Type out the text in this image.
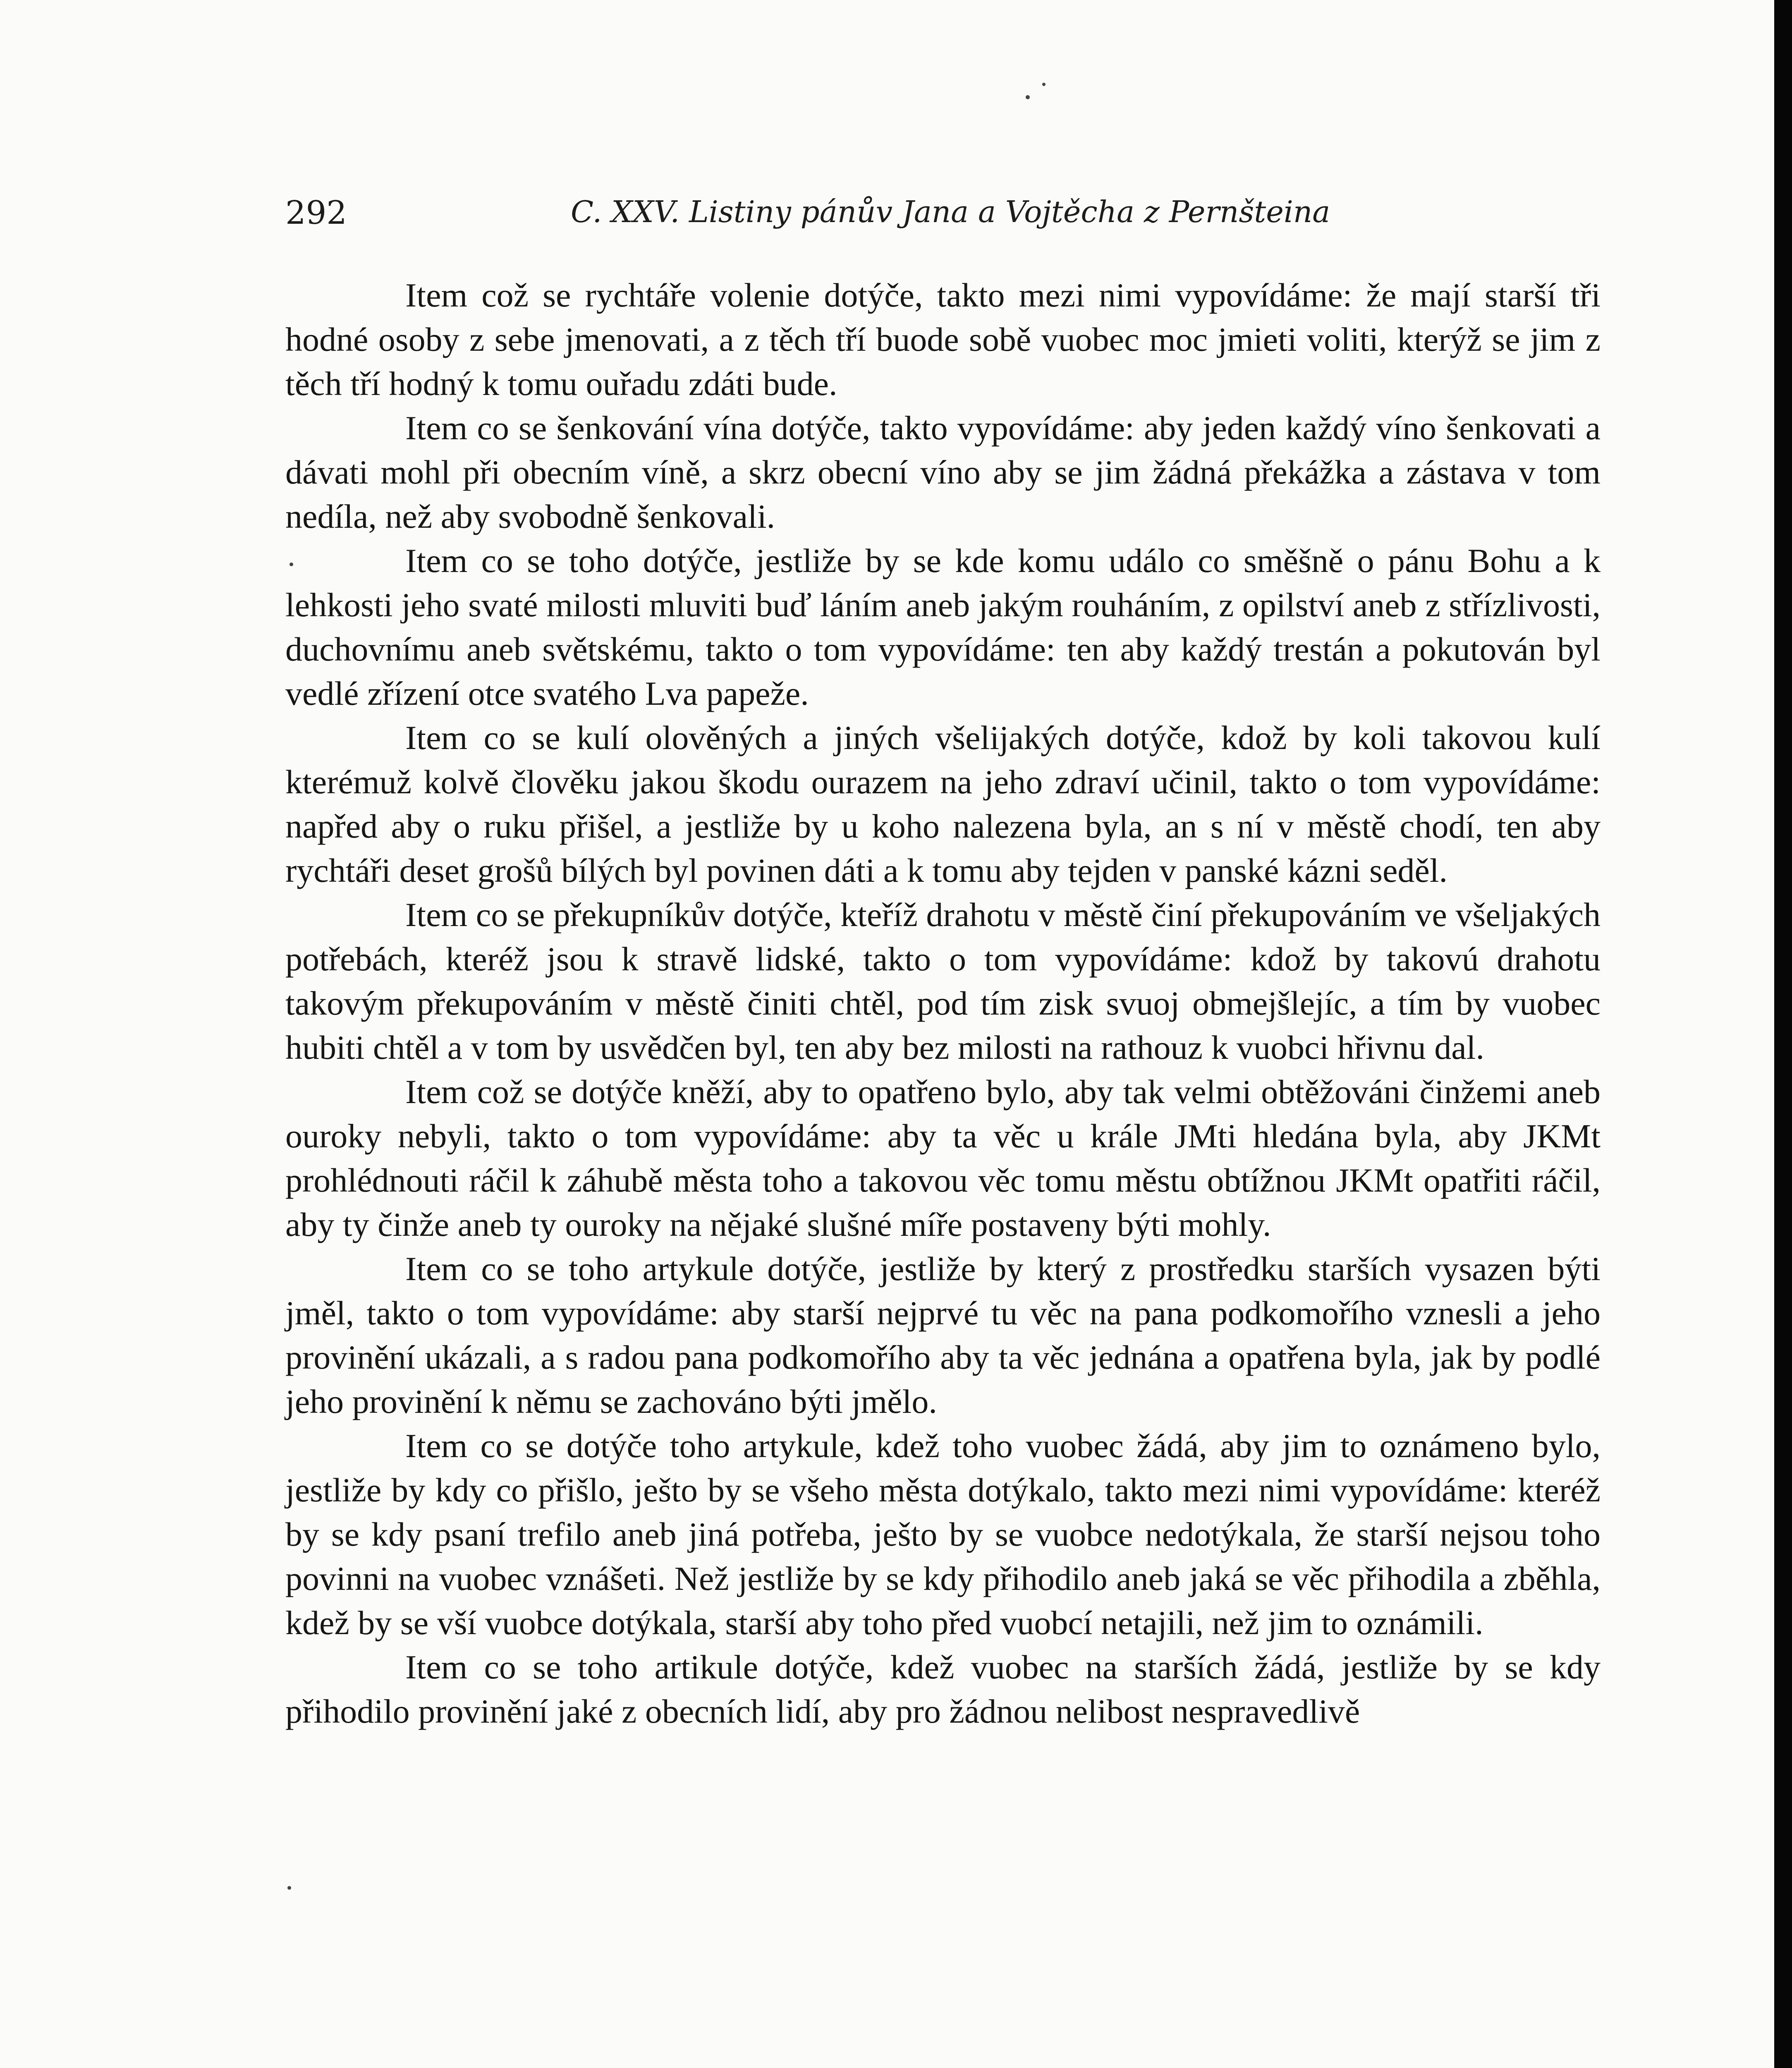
292	C. XXV. Listiny pánův Jana a Vojtěcha z Pernšteina

Item což se rychtáře volenie dotýče, takto mezi nimi vypovídáme: že mají starší tři hodné osoby z sebe jmenovati, a z těch tří buode sobě vuobec moc jmieti voliti, kterýž se jim z těch tří hodný k tomu ouřadu zdáti bude.

Item co se šenkování vína dotýče, takto vypovídáme: aby jeden každý víno šenkovati a dávati mohl při obecním víně, a skrz obecní víno aby se jim žádná překážka a zástava v tom nedíla, než aby svobodně šenkovali.

Item co se toho dotýče, jestliže by se kde komu událo co směšně o pánu Bohu a k lehkosti jeho svaté milosti mluviti buď láním aneb jakým rouháním, z opilství aneb z střízlivosti, duchovnímu aneb světskému, takto o tom vypovídáme: ten aby každý trestán a pokutován byl vedlé zřízení otce svatého Lva papeže.

Item co se kulí olověných a jiných všelijakých dotýče, kdož by koli takovou kulí kterémuž kolvě člověku jakou škodu ourazem na jeho zdraví učinil, takto o tom vypovídáme: napřed aby o ruku přišel, a jestliže by u koho nalezena byla, an s ní v městě chodí, ten aby rychtáři deset grošů bílých byl povinen dáti a k tomu aby tejden v panské kázni seděl.

Item co se překupníkův dotýče, kteříž drahotu v městě činí překupováním ve všeljakých potřebách, kteréž jsou k stravě lidské, takto o tom vypovídáme: kdož by takovú drahotu takovým překupováním v městě činiti chtěl, pod tím zisk svuoj obmejšlejíc, a tím by vuobec hubiti chtěl a v tom by usvědčen byl, ten aby bez milosti na rathouz k vuobci hřivnu dal.

Item což se dotýče kněží, aby to opatřeno bylo, aby tak velmi obtěžováni činžemi aneb ouroky nebyli, takto o tom vypovídáme: aby ta věc u krále JMti hledána byla, aby JKMt prohlédnouti ráčil k záhubě města toho a takovou věc tomu městu obtížnou JKMt opatřiti ráčil, aby ty činže aneb ty ouroky na nějaké slušné míře postaveny býti mohly.

Item co se toho artykule dotýče, jestliže by který z prostředku starších vysazen býti jměl, takto o tom vypovídáme: aby starší nejprvé tu věc na pana podkomořího vznesli a jeho provinění ukázali, a s radou pana podkomořího aby ta věc jednána a opatřena byla, jak by podlé jeho provinění k němu se zachováno býti jmělo.

Item co se dotýče toho artykule, kdež toho vuobec žádá, aby jim to oznámeno bylo, jestliže by kdy co přišlo, ješto by se všeho města dotýkalo, takto mezi nimi vypovídáme: kteréž by se kdy psaní trefilo aneb jiná potřeba, ješto by se vuobce nedotýkala, že starší nejsou toho povinni na vuobec vznášeti. Než jestliže by se kdy přihodilo aneb jaká se věc přihodila a zběhla, kdež by se vší vuobce dotýkala, starší aby toho před vuobcí netajili, než jim to oznámili.

Item co se toho artikule dotýče, kdež vuobec na starších žádá, jestliže by se kdy přihodilo provinění jaké z obecních lidí, aby pro žádnou nelibost nespravedlivě
